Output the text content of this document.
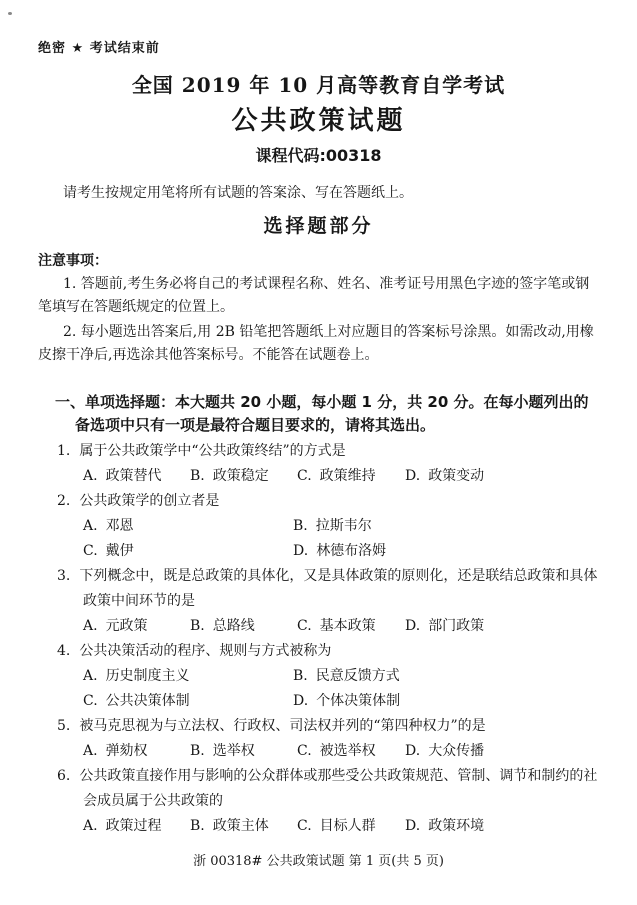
绝密 ★ 考试结束前
全国 2019 年 10 月高等教育自学考试
公共政策试题
课程代码:00318
请考生按规定用笔将所有试题的答案涂、写在答题纸上。
选择题部分
注意事项：
1. 答题前,考生务必将自己的考试课程名称、姓名、准考证号用黑色字迹的签字笔或钢笔填写在答题纸规定的位置上。
2. 每小题选出答案后,用 2B 铅笔把答题纸上对应题目的答案标号涂黑。如需改动,用橡皮擦干净后,再选涂其他答案标号。不能答在试题卷上。
一、单项选择题：本大题共 20 小题，每小题 1 分，共 20 分。在每小题列出的备选项中只有一项是最符合题目要求的，请将其选出。
1. 属于公共政策学中“公共政策终结”的方式是
A. 政策替代	B. 政策稳定	C. 政策维持	D. 政策变动
2. 公共政策学的创立者是
A. 邓恩	B. 拉斯韦尔
C. 戴伊	D. 林德布洛姆
3. 下列概念中，既是总政策的具体化，又是具体政策的原则化，还是联结总政策和具体政策中间环节的是
A. 元政策	B. 总路线	C. 基本政策	D. 部门政策
4. 公共决策活动的程序、规则与方式被称为
A. 历史制度主义	B. 民意反馈方式
C. 公共决策体制	D. 个体决策体制
5. 被马克思视为与立法权、行政权、司法权并列的“第四种权力”的是
A. 弹劾权	B. 选举权	C. 被选举权	D. 大众传播
6. 公共政策直接作用与影响的公众群体或那些受公共政策规范、管制、调节和制约的社会成员属于公共政策的
A. 政策过程	B. 政策主体	C. 目标人群	D. 政策环境
浙 00318# 公共政策试题 第 1 页(共 5 页)
